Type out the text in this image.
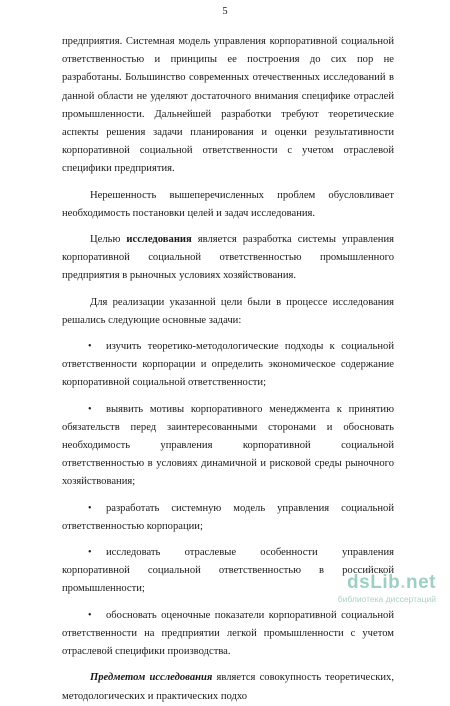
5

предприятия. Системная модель управления корпоративной социальной ответственностью и принципы ее построения до сих пор не разработаны. Большинство современных отечественных исследований в данной области не уделяют достаточного внимания специфике отраслей промышленности. Дальнейшей разработки требуют теоретические аспекты решения задачи планирования и оценки результативности корпоративной социальной ответственности с учетом отраслевой специфики предприятия.

Нерешенность вышеперечисленных проблем обусловливает необходимость постановки целей и задач исследования.

Целью исследования является разработка системы управления корпоративной социальной ответственностью промышленного предприятия в рыночных условиях хозяйствования.

Для реализации указанной цели были в процессе исследования решались следующие основные задачи:

• изучить теоретико-методологические подходы к социальной ответственности корпорации и определить экономическое содержание корпоративной социальной ответственности;

• выявить мотивы корпоративного менеджмента к принятию обязательств перед заинтересованными сторонами и обосновать необходимость управления корпоративной социальной ответственностью в условиях динамичной и рисковой среды рыночного хозяйствования;

• разработать системную модель управления социальной ответственностью корпорации;

• исследовать отраслевые особенности управления корпоративной социальной ответственностью в российской промышленности;

• обосновать оценочные показатели корпоративной социальной ответственности на предприятии легкой промышленности с учетом отраслевой специфики производства.

Предметом исследования является совокупность теоретических, методологических и практических подхо

dsLib.net
библиотека диссертаций
